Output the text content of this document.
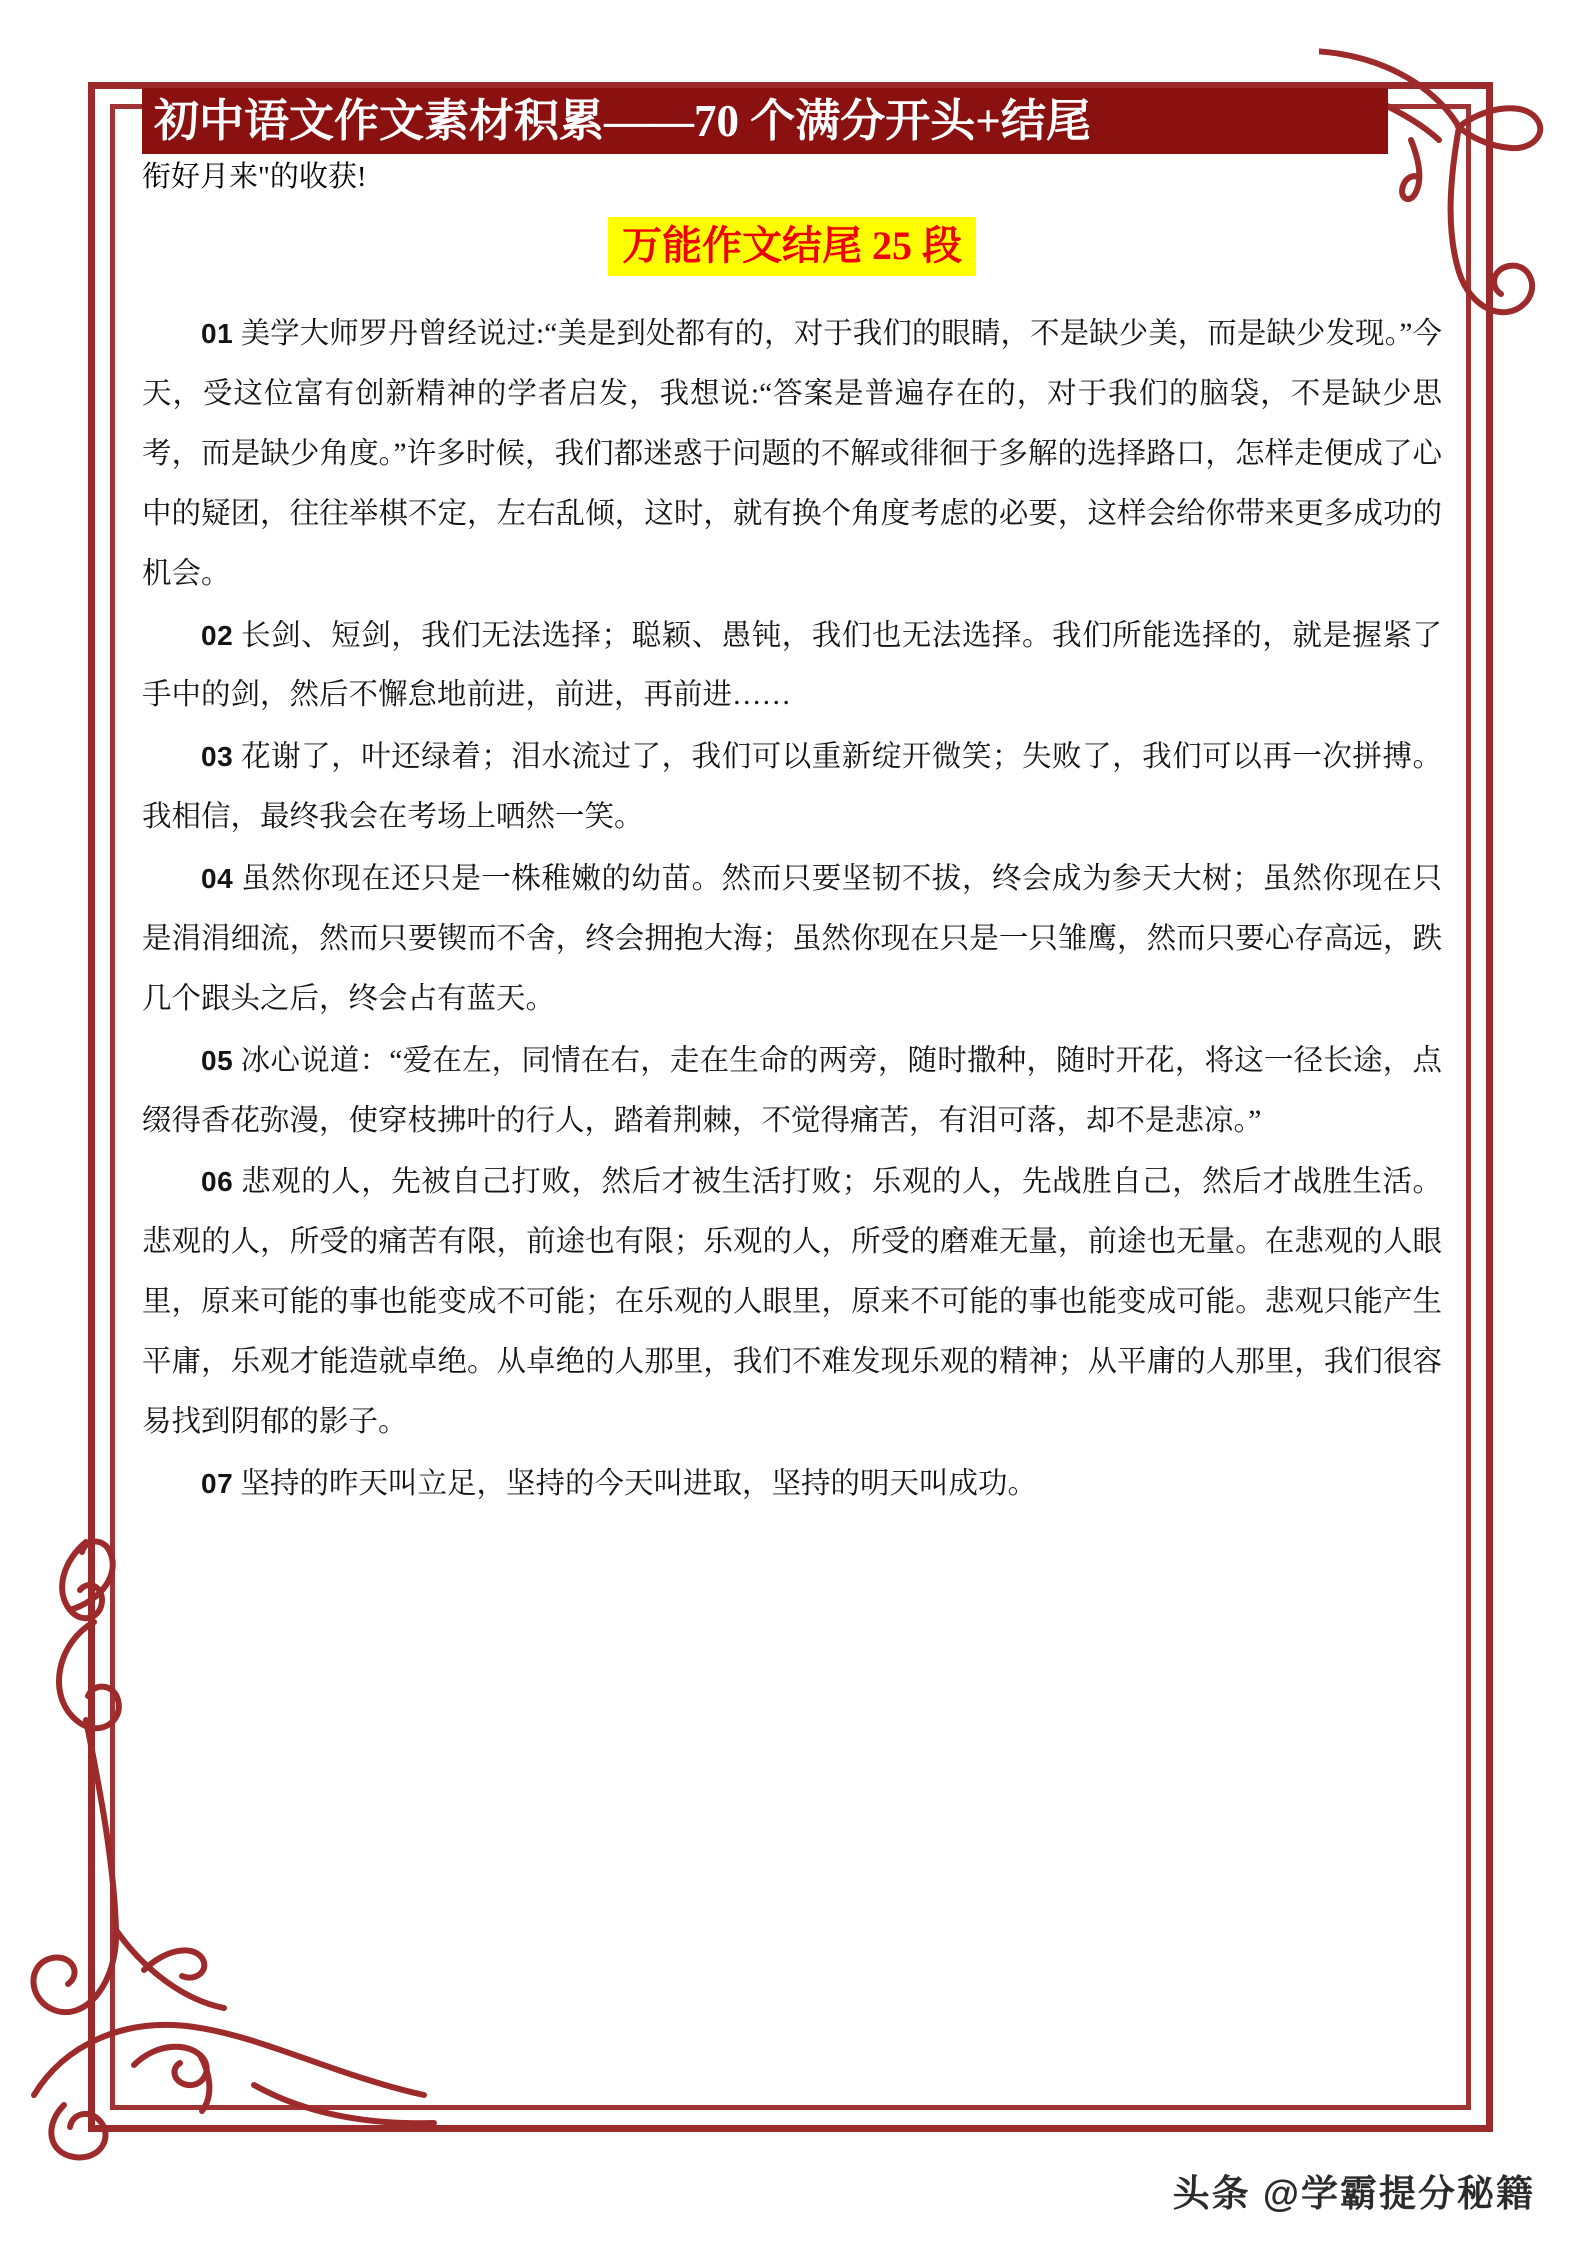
初中语文作文素材积累——70 个满分开头+结尾

衔好月来"的收获!

万能作文结尾 25 段

01 美学大师罗丹曾经说过:“美是到处都有的，对于我们的眼睛，不是缺少美，而是缺少发现。”今天，受这位富有创新精神的学者启发，我想说:“答案是普遍存在的，对于我们的脑袋，不是缺少思考，而是缺少角度。”许多时候，我们都迷惑于问题的不解或徘徊于多解的选择路口，怎样走便成了心中的疑团，往往举棋不定，左右乱倾，这时，就有换个角度考虑的必要，这样会给你带来更多成功的机会。

02 长剑、短剑，我们无法选择；聪颖、愚钝，我们也无法选择。我们所能选择的，就是握紧了手中的剑，然后不懈怠地前进，前进，再前进……

03 花谢了，叶还绿着；泪水流过了，我们可以重新绽开微笑；失败了，我们可以再一次拼搏。我相信，最终我会在考场上哂然一笑。

04 虽然你现在还只是一株稚嫩的幼苗。然而只要坚韧不拔，终会成为参天大树；虽然你现在只是涓涓细流，然而只要锲而不舍，终会拥抱大海；虽然你现在只是一只雏鹰，然而只要心存高远，跌几个跟头之后，终会占有蓝天。

05 冰心说道：“爱在左，同情在右，走在生命的两旁，随时撒种，随时开花，将这一径长途，点缀得香花弥漫，使穿枝拂叶的行人，踏着荆棘，不觉得痛苦，有泪可落，却不是悲凉。”

06 悲观的人，先被自己打败，然后才被生活打败；乐观的人，先战胜自己，然后才战胜生活。悲观的人，所受的痛苦有限，前途也有限；乐观的人，所受的磨难无量，前途也无量。在悲观的人眼里，原来可能的事也能变成不可能；在乐观的人眼里，原来不可能的事也能变成可能。悲观只能产生平庸，乐观才能造就卓绝。从卓绝的人那里，我们不难发现乐观的精神；从平庸的人那里，我们很容易找到阴郁的影子。

07 坚持的昨天叫立足，坚持的今天叫进取，坚持的明天叫成功。

头条 @学霸提分秘籍
